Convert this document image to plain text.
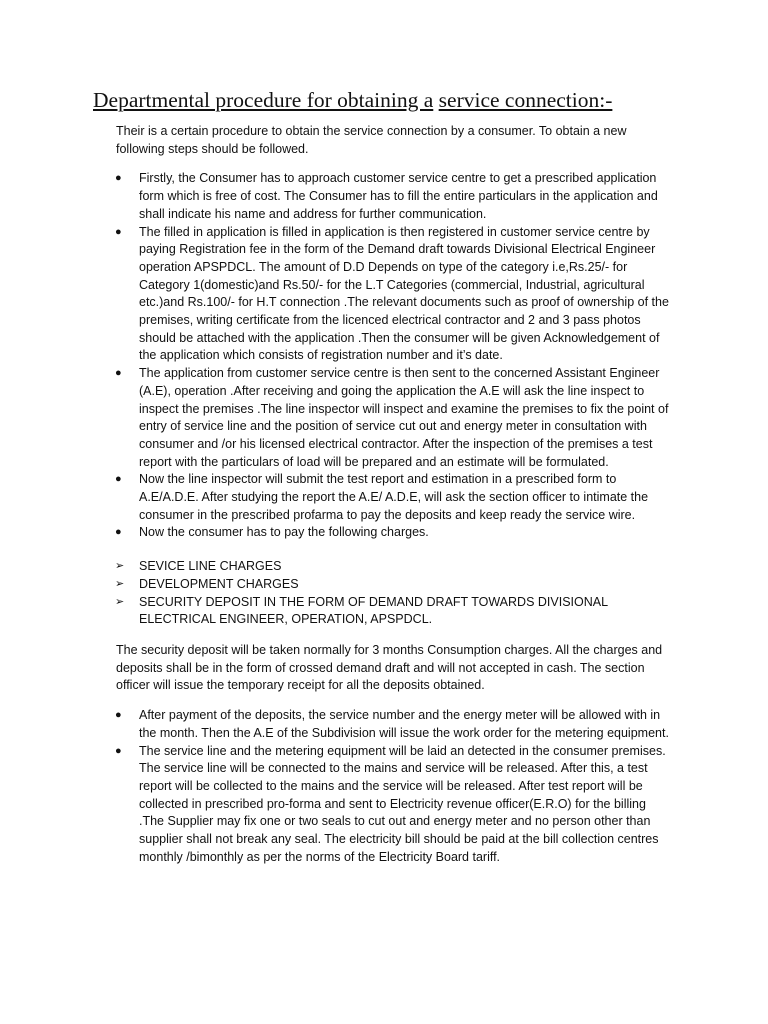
Departmental procedure for obtaining a service connection:-

Their is a certain procedure to obtain the service connection by a consumer. To obtain a new following steps should be followed.

● Firstly, the Consumer has to approach customer service centre to get a prescribed application form which is free of cost. The Consumer has to fill the entire particulars in the application and shall indicate his name and address for further communication.
● The filled in application is filled in application is then registered in customer service centre by paying Registration fee in the form of the Demand draft towards Divisional Electrical Engineer operation APSPDCL. The amount of D.D Depends on type of the category i.e,Rs.25/- for Category 1(domestic)and Rs.50/- for the L.T Categories (commercial, Industrial, agricultural etc.)and Rs.100/- for H.T connection .The relevant documents such as proof of ownership of the premises, writing certificate from the licenced electrical contractor and 2 and 3 pass photos should be attached with the application .Then the consumer will be given Acknowledgement of the application which consists of registration number and it’s date.
● The application from customer service centre is then sent to the concerned Assistant Engineer (A.E), operation .After receiving and going the application the A.E will ask the line inspect to inspect the premises .The line inspector will inspect and examine the premises to fix the point of entry of service line and the position of service cut out and energy meter in consultation with consumer and /or his licensed electrical contractor. After the inspection of the premises a test report with the particulars of load will be prepared and an estimate will be formulated.
● Now the line inspector will submit the test report and estimation in a prescribed form to A.E/A.D.E. After studying the report the A.E/ A.D.E, will ask the section officer to intimate the consumer in the prescribed profarma to pay the deposits and keep ready the service wire.
● Now the consumer has to pay the following charges.
➢ SEVICE LINE CHARGES
➢ DEVELOPMENT CHARGES
➢ SECURITY DEPOSIT IN THE FORM OF DEMAND DRAFT TOWARDS DIVISIONAL ELECTRICAL ENGINEER, OPERATION, APSPDCL.

The security deposit will be taken normally for 3 months Consumption charges. All the charges and deposits shall be in the form of crossed demand draft and will not accepted in cash. The section officer will issue the temporary receipt for all the deposits obtained.

● After payment of the deposits, the service number and the energy meter will be allowed with in the month. Then the A.E of the Subdivision will issue the work order for the metering equipment.
● The service line and the metering equipment will be laid an detected in the consumer premises. The service line will be connected to the mains and service will be released. After this, a test report will be collected to the mains and the service will be released. After test report will be collected in prescribed pro-forma and sent to Electricity revenue officer(E.R.O) for the billing .The Supplier may fix one or two seals to cut out and energy meter and no person other than supplier shall not break any seal. The electricity bill should be paid at the bill collection centres monthly /bimonthly as per the norms of the Electricity Board tariff.
